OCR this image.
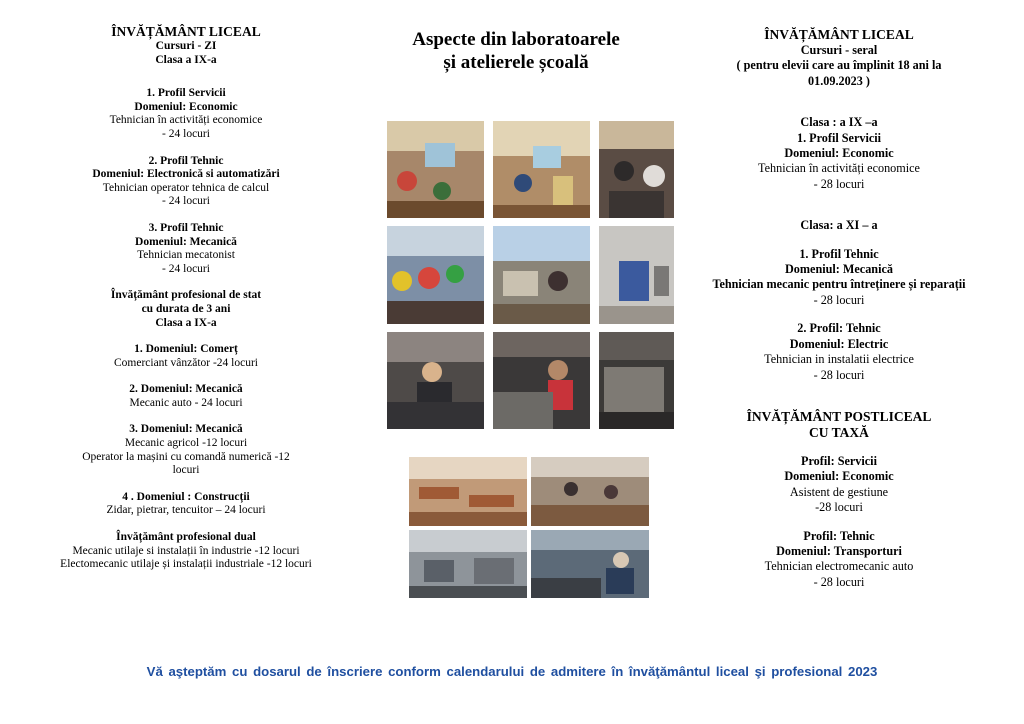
ÎNVĂȚĂMÂNT LICEAL
Cursuri - ZI
Clasa a IX-a
1. Profil Servicii
Domeniul: Economic
Tehnician în activități economice
- 24 locuri
2. Profil Tehnic
Domeniul: Electronică si automatizări
Tehnician operator tehnica de calcul
- 24 locuri
3. Profil Tehnic
Domeniul: Mecanică
Tehnician mecatonist
- 24 locuri
Învățământ profesional de stat
cu durata de 3 ani
Clasa a IX-a
1. Domeniul: Comerț
Comerciant vânzător -24 locuri
2. Domeniul: Mecanică
Mecanic auto - 24 locuri
3. Domeniul: Mecanică
Mecanic agricol -12 locuri
Operator la mașini cu comandă numerică -12
locuri
4 . Domeniul : Construcții
Zidar, pietrar, tencuitor – 24 locuri
Învățământ profesional dual
Mecanic utilaje si instalații în industrie -12 locuri
Electomecanic utilaje și instalații industriale -12 locuri
Aspecte din laboratoarele
și atelierele școală
ÎNVĂȚĂMÂNT LICEAL
Cursuri - seral
( pentru elevii care au împlinit 18 ani la
01.09.2023 )
Clasa : a IX –a
1. Profil Servicii
Domeniul: Economic
Tehnician în activități economice
- 28 locuri
Clasa: a XI – a
1. Profil Tehnic
Domeniul: Mecanică
Tehnician mecanic pentru întreținere și reparații
- 28 locuri
2. Profil: Tehnic
Domeniul: Electric
Tehnician in instalatii electrice
- 28 locuri
ÎNVĂȚĂMÂNT POSTLICEAL
CU TAXĂ
Profil: Servicii
Domeniul: Economic
Asistent de gestiune
-28 locuri
Profil: Tehnic
Domeniul: Transporturi
Tehnician electromecanic auto
- 28 locuri
Vă aşteptăm cu dosarul de înscriere conform calendarului de admitere în învăţământul liceal şi profesional 2023
